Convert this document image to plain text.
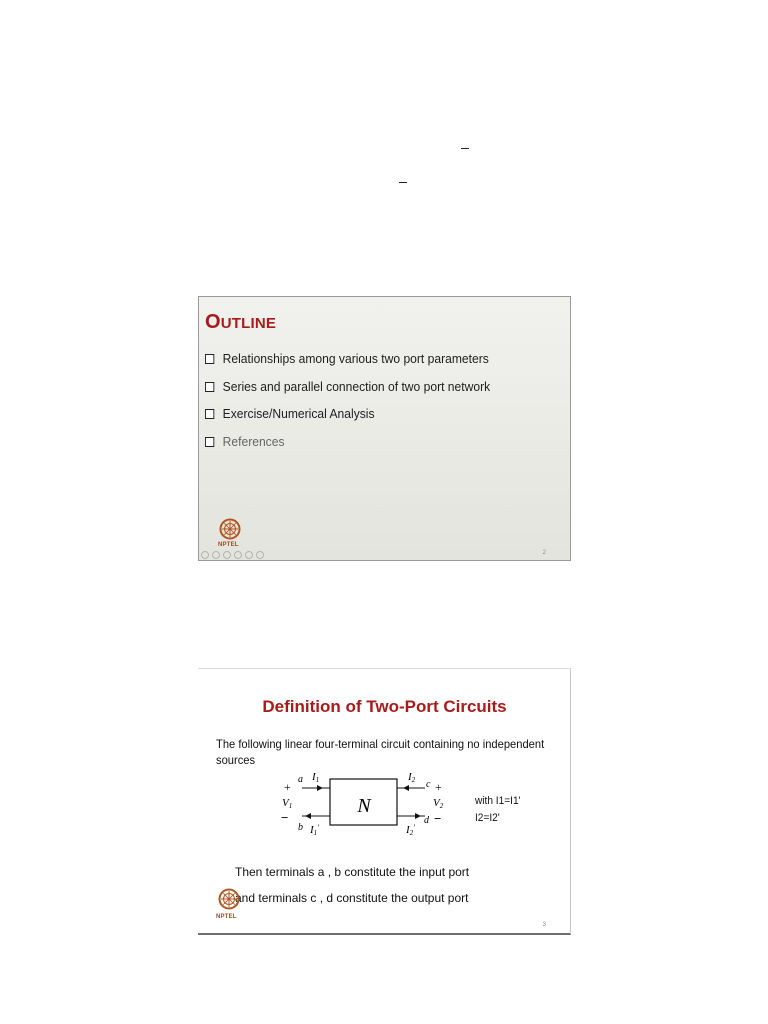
OUTLINE
Relationships among various two port parameters
Series and parallel connection of two port network
Exercise/Numerical Analysis
References
NPTEL
2
Definition of Two-Port Circuits
The following linear four-terminal circuit containing no independent sources
N
a
b
c
d
I1
I1'
I2
I2'
+
V1
−
+
V2
−
with I1=I1'
I2=I2'
Then terminals a , b constitute the input port
and terminals c , d constitute the output port
NPTEL
3
